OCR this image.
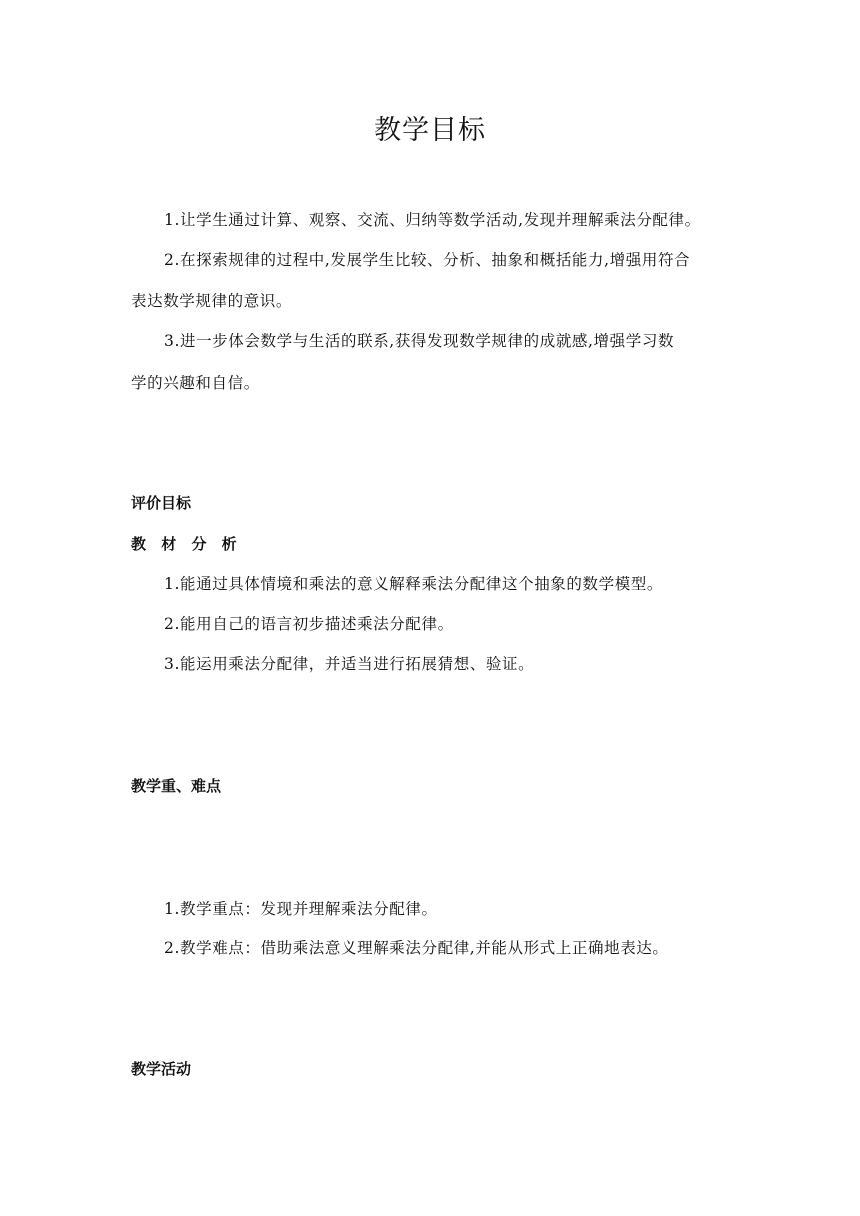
教学目标
1.让学生通过计算、观察、交流、归纳等数学活动,发现并理解乘法分配律。
2.在探索规律的过程中,发展学生比较、分析、抽象和概括能力,增强用符合
表达数学规律的意识。
3.进一步体会数学与生活的联系,获得发现数学规律的成就感,增强学习数
学的兴趣和自信。
评价目标
教 材 分 析
1.能通过具体情境和乘法的意义解释乘法分配律这个抽象的数学模型。
2.能用自己的语言初步描述乘法分配律。
3.能运用乘法分配律，并适当进行拓展猜想、验证。
教学重、难点
1.教学重点：发现并理解乘法分配律。
2.教学难点：借助乘法意义理解乘法分配律,并能从形式上正确地表达。
教学活动
